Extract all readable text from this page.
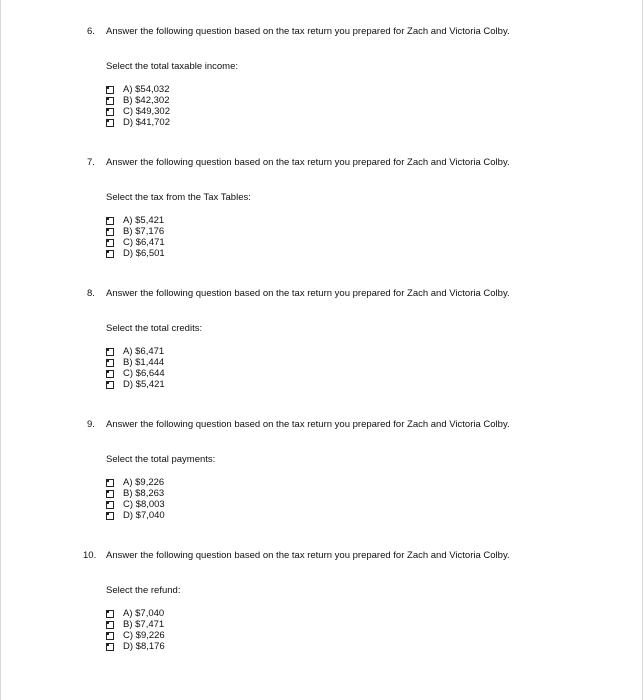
6. Answer the following question based on the tax return you prepared for Zach and Victoria Colby.
Select the total taxable income:
A) $54,032
B) $42,302
C) $49,302
D) $41,702
7. Answer the following question based on the tax return you prepared for Zach and Victoria Colby.
Select the tax from the Tax Tables:
A) $5,421
B) $7,176
C) $6,471
D) $6,501
8. Answer the following question based on the tax return you prepared for Zach and Victoria Colby.
Select the total credits:
A) $6,471
B) $1,444
C) $6,644
D) $5,421
9. Answer the following question based on the tax return you prepared for Zach and Victoria Colby.
Select the total payments:
A) $9,226
B) $8,263
C) $8,003
D) $7,040
10. Answer the following question based on the tax return you prepared for Zach and Victoria Colby.
Select the refund:
A) $7,040
B) $7,471
C) $9,226
D) $8,176
